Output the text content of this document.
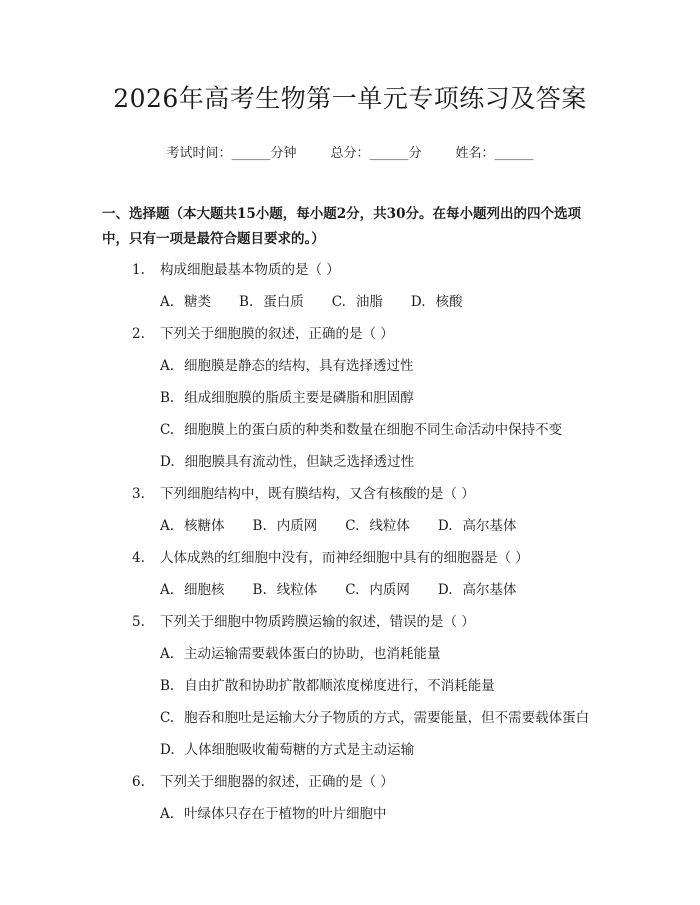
2026年高考生物第一单元专项练习及答案
考试时间：______分钟	总分：______分	姓名：______
一、选择题（本大题共15小题，每小题2分，共30分。在每小题列出的四个选项中，只有一项是最符合题目要求的。）
1.	构成细胞最基本物质的是（ ）
A. 糖类 B. 蛋白质 C. 油脂 D. 核酸
2.	下列关于细胞膜的叙述，正确的是（ ）
A. 细胞膜是静态的结构，具有选择透过性
B. 组成细胞膜的脂质主要是磷脂和胆固醇
C. 细胞膜上的蛋白质的种类和数量在细胞不同生命活动中保持不变
D. 细胞膜具有流动性，但缺乏选择透过性
3.	下列细胞结构中，既有膜结构，又含有核酸的是（ ）
A. 核糖体 B. 内质网 C. 线粒体 D. 高尔基体
4.	人体成熟的红细胞中没有，而神经细胞中具有的细胞器是（ ）
A. 细胞核 B. 线粒体 C. 内质网 D. 高尔基体
5.	下列关于细胞中物质跨膜运输的叙述，错误的是（ ）
A. 主动运输需要载体蛋白的协助，也消耗能量
B. 自由扩散和协助扩散都顺浓度梯度进行，不消耗能量
C. 胞吞和胞吐是运输大分子物质的方式，需要能量，但不需要载体蛋白
D. 人体细胞吸收葡萄糖的方式是主动运输
6.	下列关于细胞器的叙述，正确的是（ ）
A. 叶绿体只存在于植物的叶片细胞中
